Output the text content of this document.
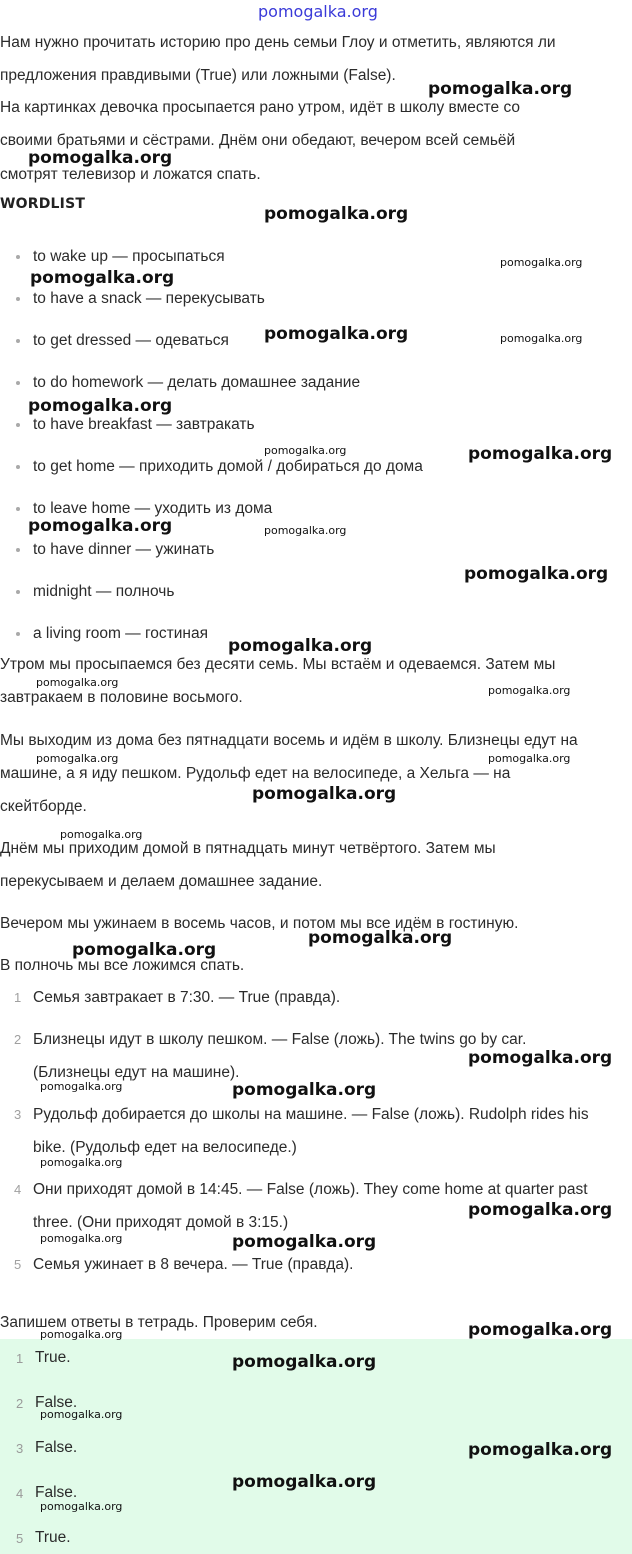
pomogalka.org
Нам нужно прочитать историю про день семьи Глоу и отметить, являются ли
предложения правдивыми (True) или ложными (False).
На картинках девочка просыпается рано утром, идёт в школу вместе со
своими братьями и сёстрами. Днём они обедают, вечером всей семьёй
смотрят телевизор и ложатся спать.
WORDLIST
to wake up — просыпаться
to have a snack — перекусывать
to get dressed — одеваться
to do homework — делать домашнее задание
to have breakfast — завтракать
to get home — приходить домой / добираться до дома
to leave home — уходить из дома
to have dinner — ужинать
midnight — полночь
a living room — гостиная
Утром мы просыпаемся без десяти семь. Мы встаём и одеваемся. Затем мы
завтракаем в половине восьмого.
Мы выходим из дома без пятнадцати восемь и идём в школу. Близнецы едут на
машине, а я иду пешком. Рудольф едет на велосипеде, а Хельга — на
скейтборде.
Днём мы приходим домой в пятнадцать минут четвёртого. Затем мы
перекусываем и делаем домашнее задание.
Вечером мы ужинаем в восемь часов, и потом мы все идём в гостиную.
В полночь мы все ложимся спать.
1 Семья завтракает в 7:30. — True (правда).
2 Близнецы идут в школу пешком. — False (ложь). The twins go by car.
(Близнецы едут на машине).
3 Рудольф добирается до школы на машине. — False (ложь). Rudolph rides his
bike. (Рудольф едет на велосипеде.)
4 Они приходят домой в 14:45. — False (ложь). They come home at quarter past
three. (Они приходят домой в 3:15.)
5 Семья ужинает в 8 вечера. — True (правда).
Запишем ответы в тетрадь. Проверим себя.
1 True.
2 False.
3 False.
4 False.
5 True.
pomogalka.org
pomogalka.org
pomogalka.org
pomogalka.org
pomogalka.org
pomogalka.org	pomogalka.org
pomogalka.org
pomogalka.org	pomogalka.org
pomogalka.org	pomogalka.org
pomogalka.org
pomogalka.org
pomogalka.org
pomogalka.org
pomogalka.org	pomogalka.org
pomogalka.org
pomogalka.org
pomogalka.org
pomogalka.org
pomogalka.org
pomogalka.org	pomogalka.org
pomogalka.org
pomogalka.org
pomogalka.org	pomogalka.org
pomogalka.org	pomogalka.org
pomogalka.org
pomogalka.org
pomogalka.org
pomogalka.org
pomogalka.org
